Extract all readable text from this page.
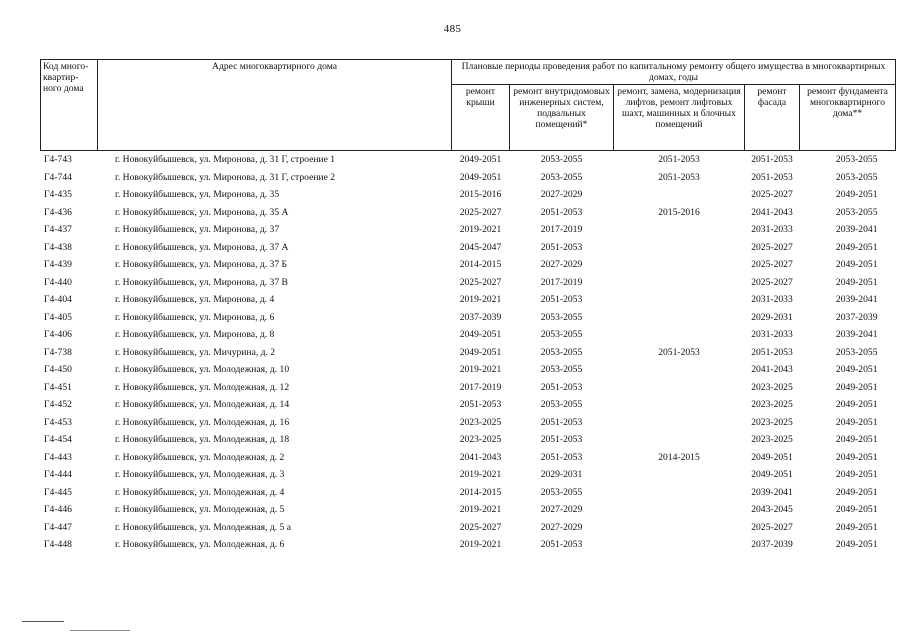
485
Код много-квартир-ного дома	Адрес многоквартирного дома	Плановые периоды проведения работ по капитальному ремонту общего имущества в многоквартирных домах, годы				
		ремонт крыши	ремонт внутридомовых инженерных систем, подвальных помещений*	ремонт, замена, модернизация лифтов, ремонт лифтовых шахт, машинных и блочных помещений	ремонт фасада	ремонт фундамента многоквартирного дома**
Г4-743	г. Новокуйбышевск, ул. Миронова, д. 31 Г, строение 1	2049-2051	2053-2055	2051-2053	2051-2053	2053-2055
Г4-744	г. Новокуйбышевск, ул. Миронова, д. 31 Г, строение 2	2049-2051	2053-2055	2051-2053	2051-2053	2053-2055
Г4-435	г. Новокуйбышевск, ул. Миронова, д. 35	2015-2016	2027-2029		2025-2027	2049-2051
Г4-436	г. Новокуйбышевск, ул. Миронова, д. 35 А	2025-2027	2051-2053	2015-2016	2041-2043	2053-2055
Г4-437	г. Новокуйбышевск, ул. Миронова, д. 37	2019-2021	2017-2019		2031-2033	2039-2041
Г4-438	г. Новокуйбышевск, ул. Миронова, д. 37 А	2045-2047	2051-2053		2025-2027	2049-2051
Г4-439	г. Новокуйбышевск, ул. Миронова, д. 37 Б	2014-2015	2027-2029		2025-2027	2049-2051
Г4-440	г. Новокуйбышевск, ул. Миронова, д. 37 В	2025-2027	2017-2019		2025-2027	2049-2051
Г4-404	г. Новокуйбышевск, ул. Миронова, д. 4	2019-2021	2051-2053		2031-2033	2039-2041
Г4-405	г. Новокуйбышевск, ул. Миронова, д. 6	2037-2039	2053-2055		2029-2031	2037-2039
Г4-406	г. Новокуйбышевск, ул. Миронова, д. 8	2049-2051	2053-2055		2031-2033	2039-2041
Г4-738	г. Новокуйбышевск, ул. Мичурина, д. 2	2049-2051	2053-2055	2051-2053	2051-2053	2053-2055
Г4-450	г. Новокуйбышевск, ул. Молодежная, д. 10	2019-2021	2053-2055		2041-2043	2049-2051
Г4-451	г. Новокуйбышевск, ул. Молодежная, д. 12	2017-2019	2051-2053		2023-2025	2049-2051
Г4-452	г. Новокуйбышевск, ул. Молодежная, д. 14	2051-2053	2053-2055		2023-2025	2049-2051
Г4-453	г. Новокуйбышевск, ул. Молодежная, д. 16	2023-2025	2051-2053		2023-2025	2049-2051
Г4-454	г. Новокуйбышевск, ул. Молодежная, д. 18	2023-2025	2051-2053		2023-2025	2049-2051
Г4-443	г. Новокуйбышевск, ул. Молодежная, д. 2	2041-2043	2051-2053	2014-2015	2049-2051	2049-2051
Г4-444	г. Новокуйбышевск, ул. Молодежная, д. 3	2019-2021	2029-2031		2049-2051	2049-2051
Г4-445	г. Новокуйбышевск, ул. Молодежная, д. 4	2014-2015	2053-2055		2039-2041	2049-2051
Г4-446	г. Новокуйбышевск, ул. Молодежная, д. 5	2019-2021	2027-2029		2043-2045	2049-2051
Г4-447	г. Новокуйбышевск, ул. Молодежная, д. 5 а	2025-2027	2027-2029		2025-2027	2049-2051
Г4-448	г. Новокуйбышевск, ул. Молодежная, д. 6	2019-2021	2051-2053		2037-2039	2049-2051
